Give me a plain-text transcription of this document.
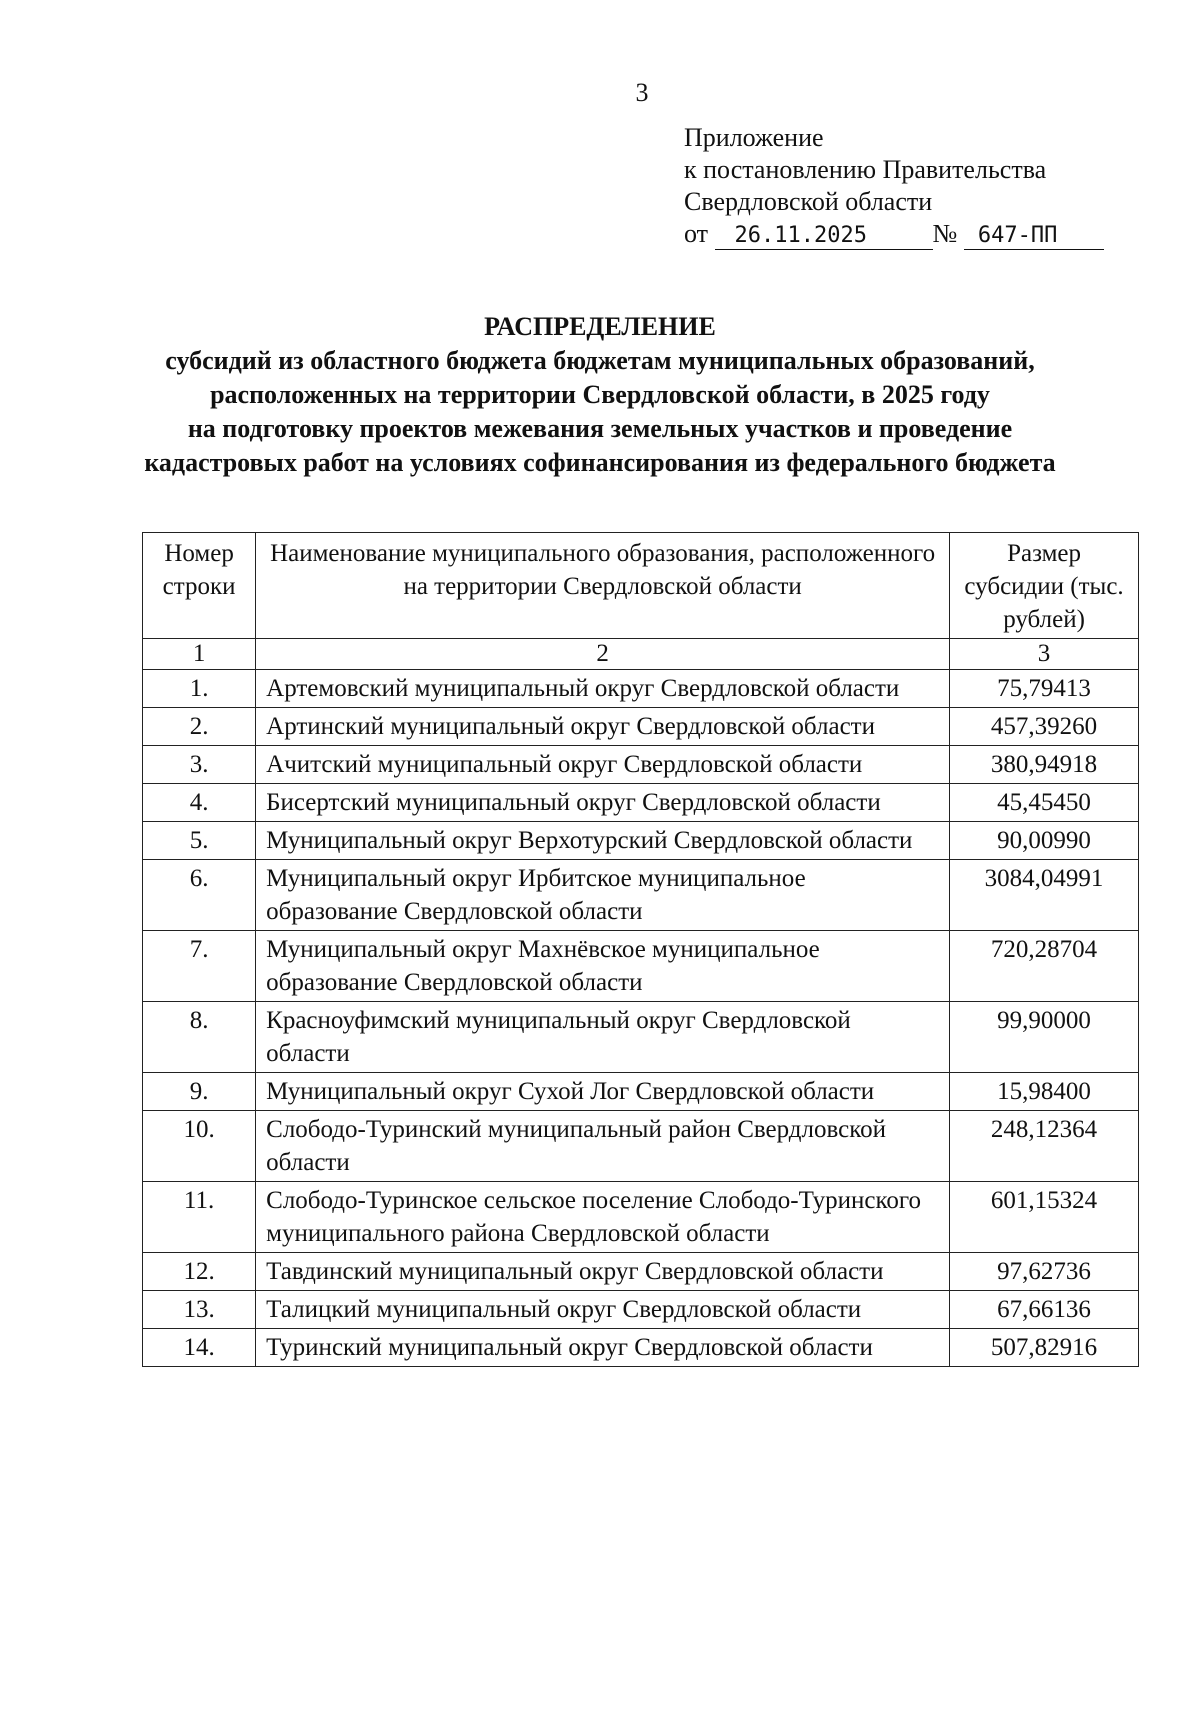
3
Приложение
к постановлению Правительства
Свердловской области
от 26.11.2025	№ 647-ПП
РАСПРЕДЕЛЕНИЕ
субсидий из областного бюджета бюджетам муниципальных образований,
расположенных на территории Свердловской области, в 2025 году
на подготовку проектов межевания земельных участков и проведение
кадастровых работ на условиях софинансирования из федерального бюджета
Номер строки	Наименование муниципального образования, расположенного на территории Свердловской области	Размер субсидии (тыс. рублей)
1	2	3
1.	Артемовский муниципальный округ Свердловской области	75,79413
2.	Артинский муниципальный округ Свердловской области	457,39260
3.	Ачитский муниципальный округ Свердловской области	380,94918
4.	Бисертский муниципальный округ Свердловской области	45,45450
5.	Муниципальный округ Верхотурский Свердловской области	90,00990
6.	Муниципальный округ Ирбитское муниципальное образование Свердловской области	3084,04991
7.	Муниципальный округ Махнёвское муниципальное образование Свердловской области	720,28704
8.	Красноуфимский муниципальный округ Свердловской области	99,90000
9.	Муниципальный округ Сухой Лог Свердловской области	15,98400
10.	Слободо-Туринский муниципальный район Свердловской области	248,12364
11.	Слободо-Туринское сельское поселение Слободо-Туринского муниципального района Свердловской области	601,15324
12.	Тавдинский муниципальный округ Свердловской области	97,62736
13.	Талицкий муниципальный округ Свердловской области	67,66136
14.	Туринский муниципальный округ Свердловской области	507,82916
